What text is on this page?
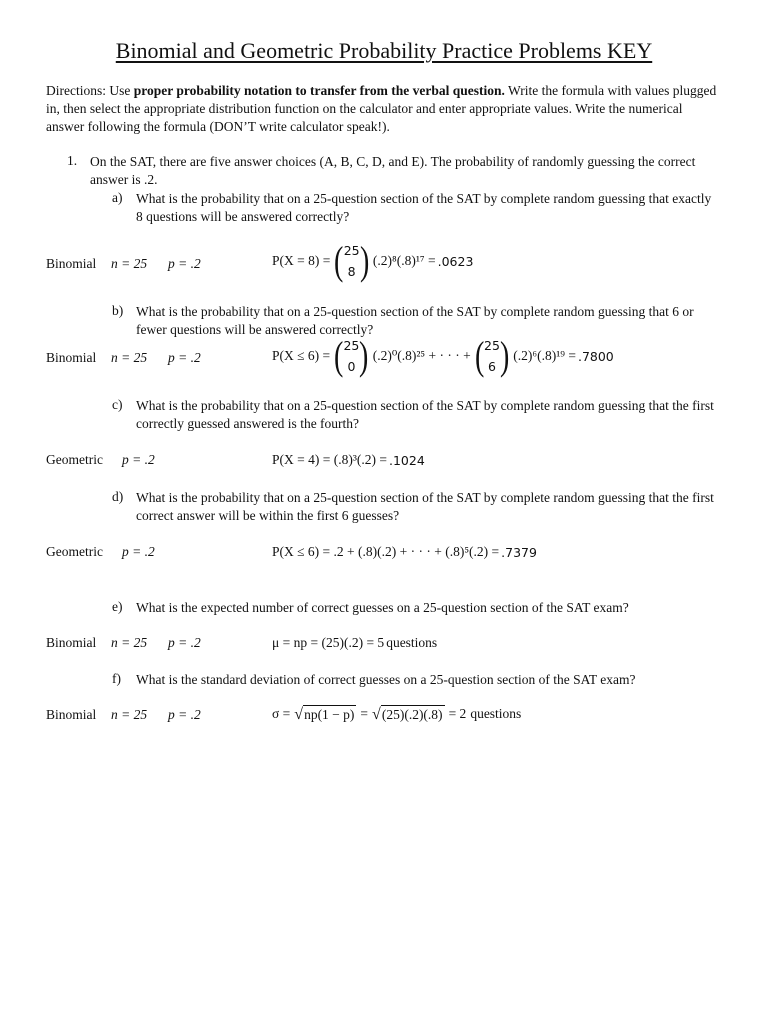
Binomial and Geometric Probability Practice Problems KEY
Directions: Use proper probability notation to transfer from the verbal question. Write the formula with values plugged in, then select the appropriate distribution function on the calculator and enter appropriate values. Write the numerical answer following the formula (DON’T write calculator speak!).
1. On the SAT, there are five answer choices (A, B, C, D, and E). The probability of randomly guessing the correct answer is .2.
a) What is the probability that on a 25-question section of the SAT by complete random guessing that exactly 8 questions will be answered correctly?
Binomial n = 25 p = .2	P(X = 8) = ( 25
8 ) (.2)⁸(.8)¹⁷ = .0623
b) What is the probability that on a 25-question section of the SAT by complete random guessing that 6 or fewer questions will be answered correctly?
Binomial n = 25 p = .2	P(X ≤ 6) = ( 25
0 ) (.2)⁰(.8)²⁵ + · · · + ( 25
6 ) (.2)⁶(.8)¹⁹ = .7800
c) What is the probability that on a 25-question section of the SAT by complete random guessing that the first correctly guessed answered is the fourth?
Geometric p = .2	P(X = 4) = (.8)³(.2) = .1024
d) What is the probability that on a 25-question section of the SAT by complete random guessing that the first correct answer will be within the first 6 guesses?
Geometric p = .2	P(X ≤ 6) = .2 + (.8)(.2) + · · · + (.8)⁵(.2) = .7379
e) What is the expected number of correct guesses on a 25-question section of the SAT exam?
Binomial n = 25 p = .2	μ = np = (25)(.2) = 5 questions
f) What is the standard deviation of correct guesses on a 25-question section of the SAT exam?
Binomial n = 25 p = .2	σ = √ np(1 − p) = √ (25)(.2)(.8) = 2 questions
